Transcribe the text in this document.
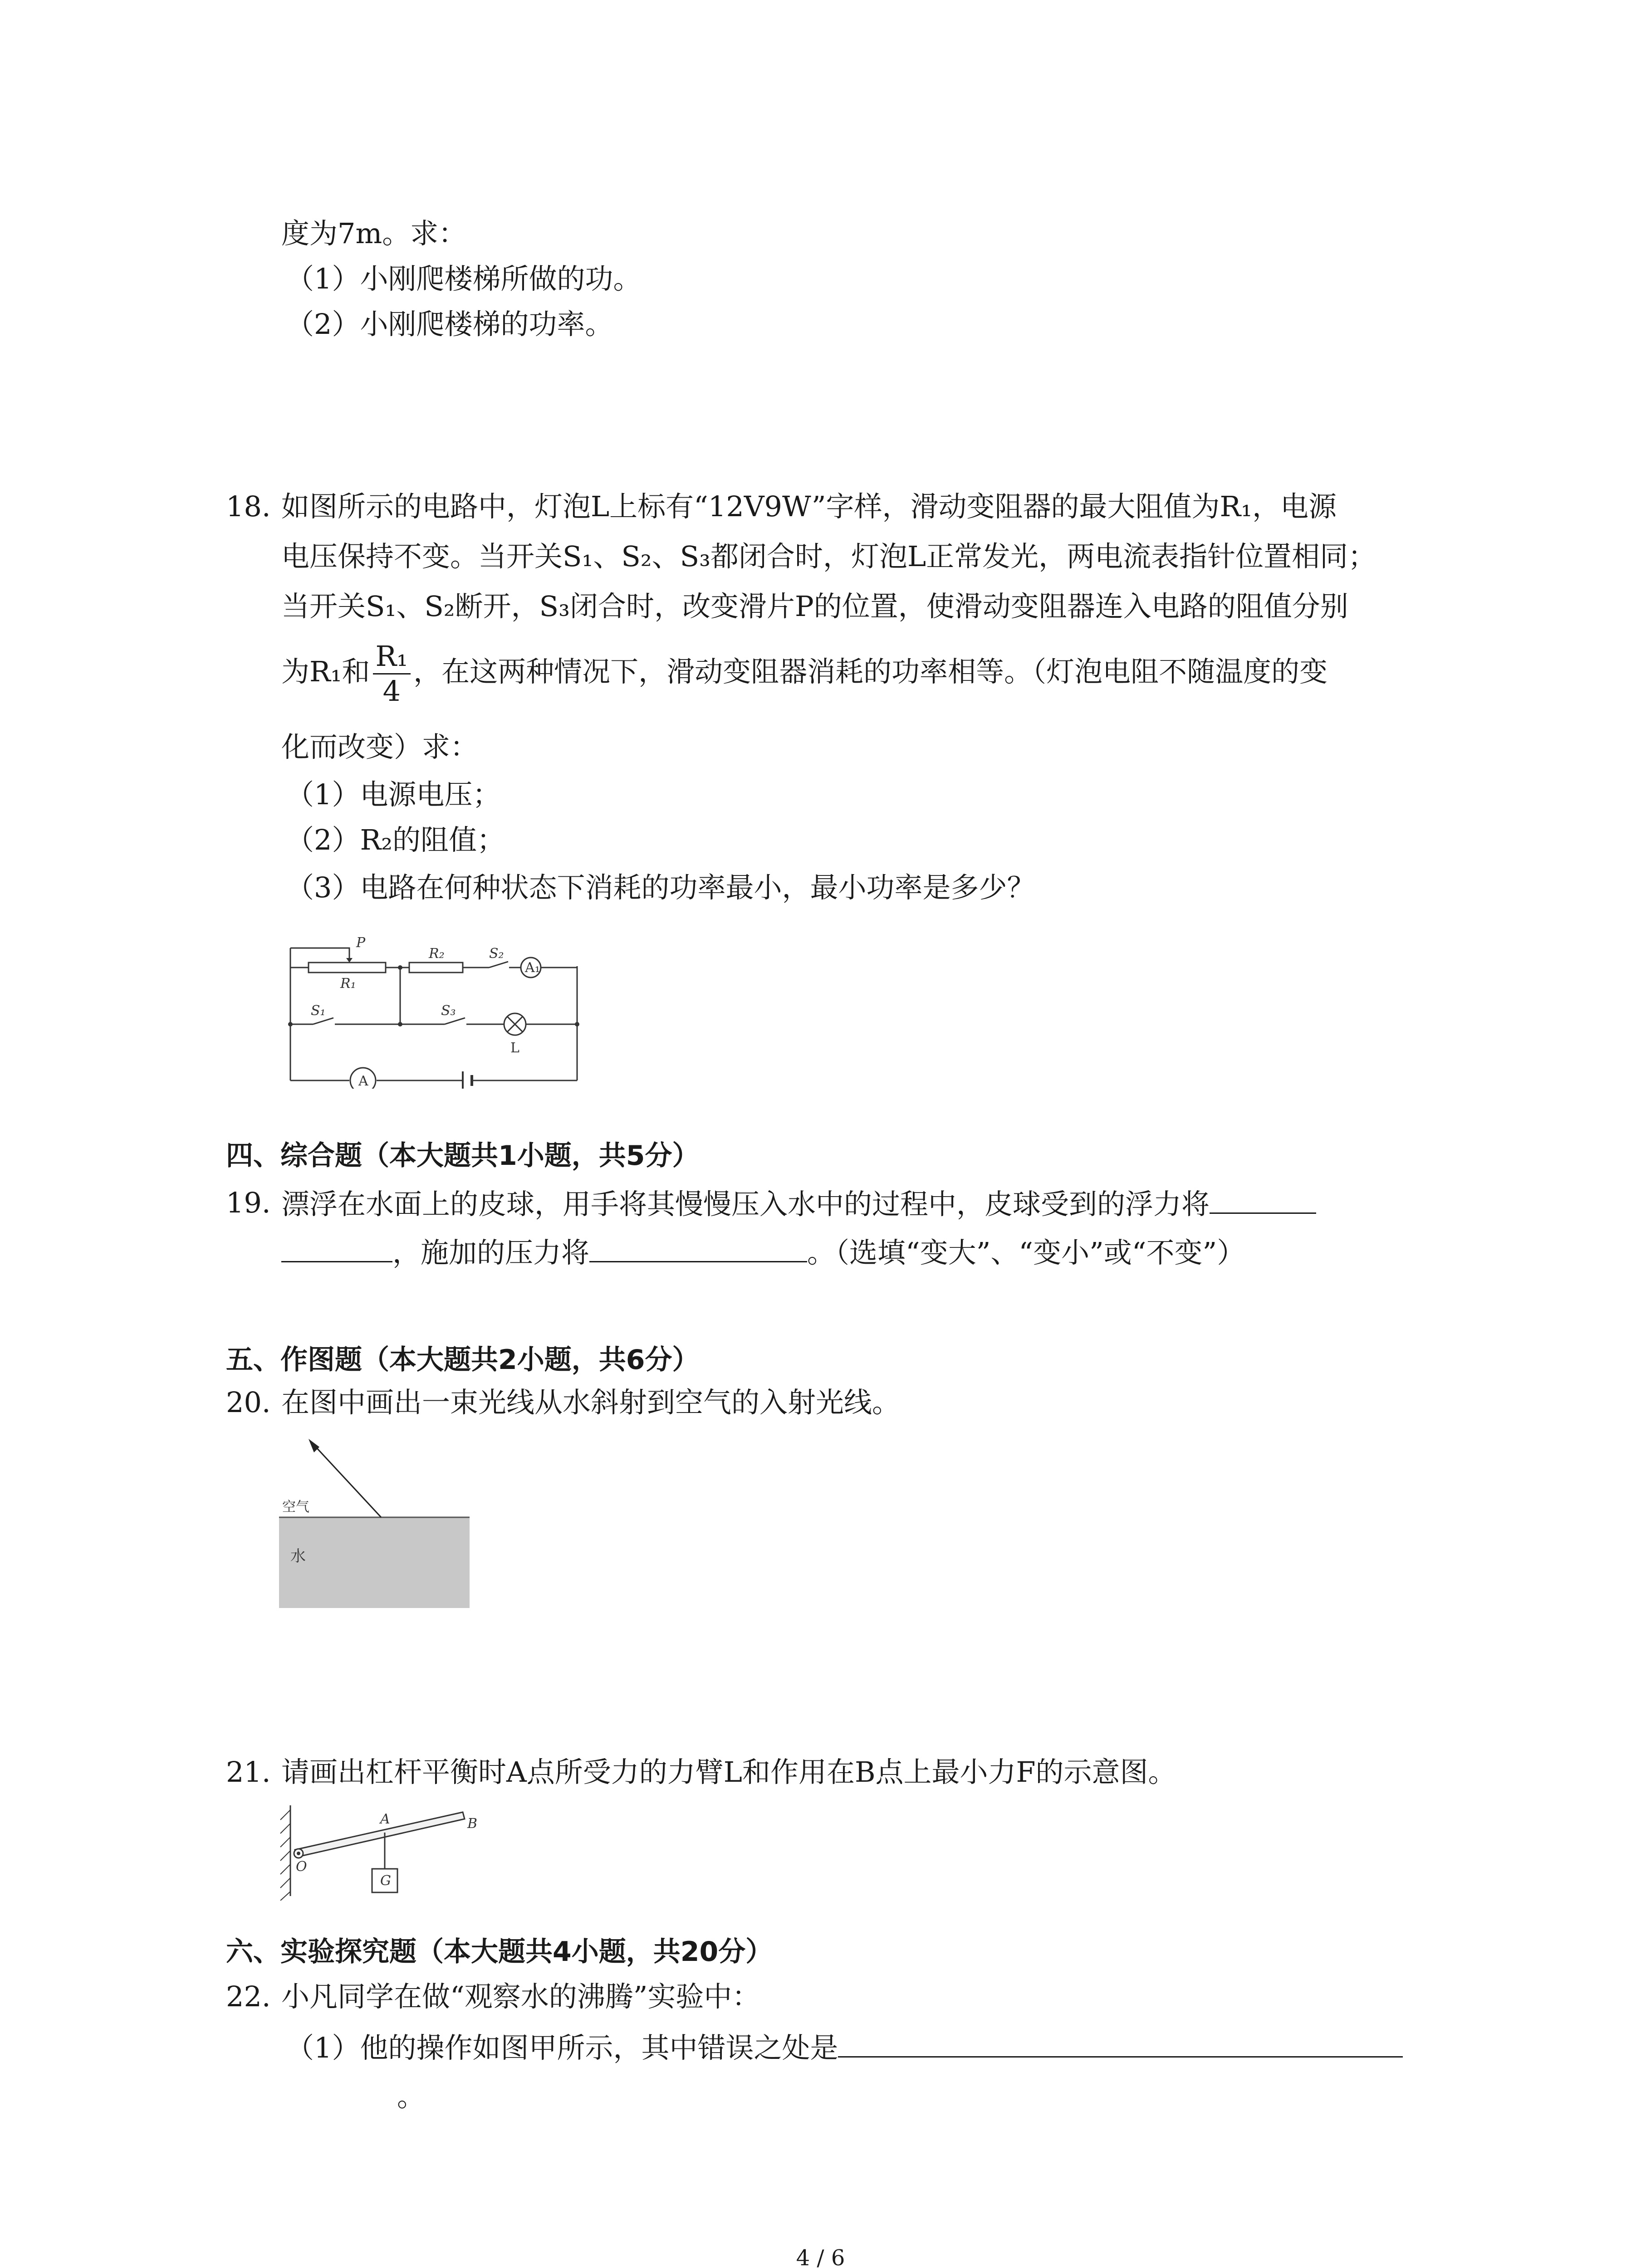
度为7m。求：
（1）小刚爬楼梯所做的功。
（2）小刚爬楼梯的功率。
18. 如图所示的电路中，灯泡L上标有“12V9W”字样，滑动变阻器的最大阻值为R₁，电源
电压保持不变。当开关S₁、S₂、S₃都闭合时，灯泡L正常发光，两电流表指针位置相同；
当开关S₁、S₂断开，S₃闭合时，改变滑片P的位置，使滑动变阻器连入电路的阻值分别
为R₁和 $\frac{\text{R₁}}{4}$ ，在这两种情况下，滑动变阻器消耗的功率相等。（灯泡电阻不随温度的变
化而改变）求：
（1）电源电压；
（2）R₂的阻值；
（3）电路在何种状态下消耗的功率最小，最小功率是多少？
P
R₂	S₂
A₁
R₁
S₁	S₃
L
A
四、综合题（本大题共1小题，共5分）
19. 漂浮在水面上的皮球，用手将其慢慢压入水中的过程中，皮球受到的浮力将
，施加的压力将	。（选填“变大”、“变小”或“不变”）
五、作图题（本大题共2小题，共6分）
20. 在图中画出一束光线从水斜射到空气的入射光线。
空气
水
21. 请画出杠杆平衡时A点所受力的力臂L和作用在B点上最小力F的示意图。
A	B
O
G
六、实验探究题（本大题共4小题，共20分）
22. 小凡同学在做“观察水的沸腾”实验中：
（1）他的操作如图甲所示，其中错误之处是
。
4 / 6
